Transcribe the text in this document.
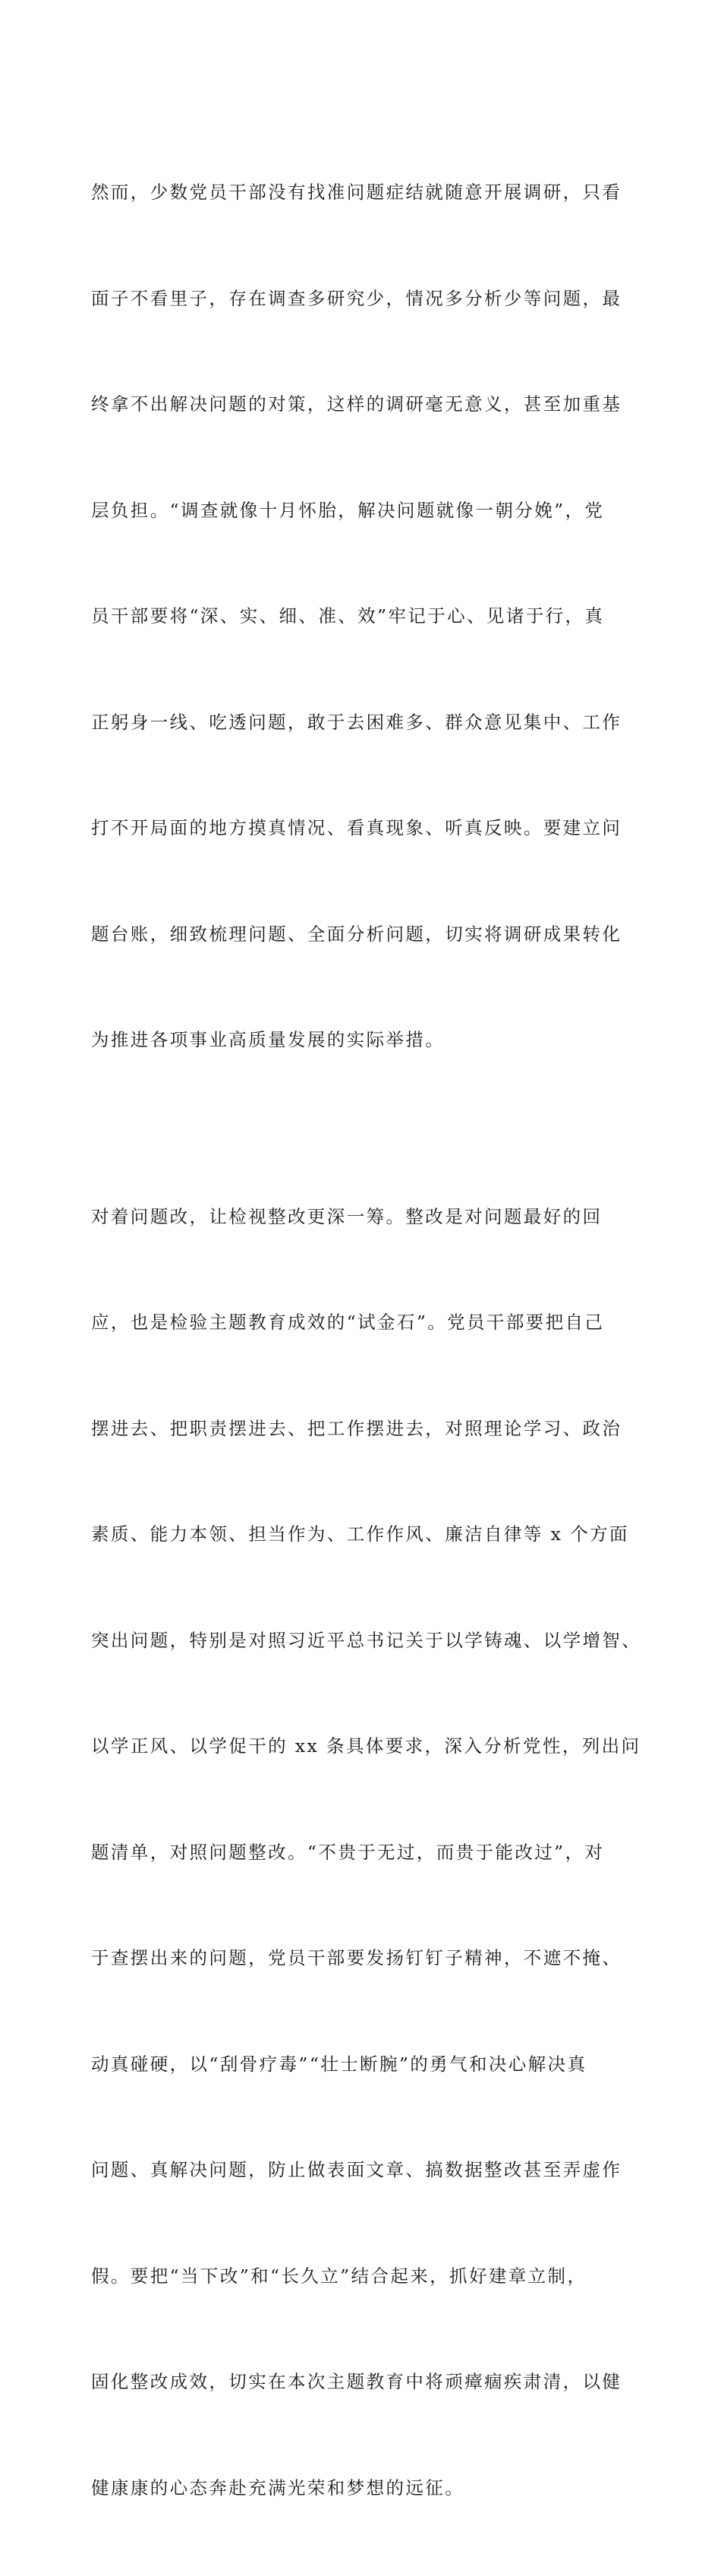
然而，少数党员干部没有找准问题症结就随意开展调研，只看

面子不看里子，存在调查多研究少，情况多分析少等问题，最

终拿不出解决问题的对策，这样的调研毫无意义，甚至加重基

层负担。“调查就像十月怀胎，解决问题就像一朝分娩”，党

员干部要将“深、实、细、准、效”牢记于心、见诸于行，真

正躬身一线、吃透问题，敢于去困难多、群众意见集中、工作

打不开局面的地方摸真情况、看真现象、听真反映。要建立问

题台账，细致梳理问题、全面分析问题，切实将调研成果转化

为推进各项事业高质量发展的实际举措。

对着问题改，让检视整改更深一筹。整改是对问题最好的回

应，也是检验主题教育成效的“试金石”。党员干部要把自己

摆进去、把职责摆进去、把工作摆进去，对照理论学习、政治

素质、能力本领、担当作为、工作作风、廉洁自律等 x 个方面

突出问题，特别是对照习近平总书记关于以学铸魂、以学增智、

以学正风、以学促干的 xx 条具体要求，深入分析党性，列出问

题清单，对照问题整改。“不贵于无过，而贵于能改过”，对

于查摆出来的问题，党员干部要发扬钉钉子精神，不遮不掩、

动真碰硬，以“刮骨疗毒”“壮士断腕”的勇气和决心解决真

问题、真解决问题，防止做表面文章、搞数据整改甚至弄虚作

假。要把“当下改”和“长久立”结合起来，抓好建章立制，

固化整改成效，切实在本次主题教育中将顽瘴痼疾肃清，以健

健康康的心态奔赴充满光荣和梦想的远征。
